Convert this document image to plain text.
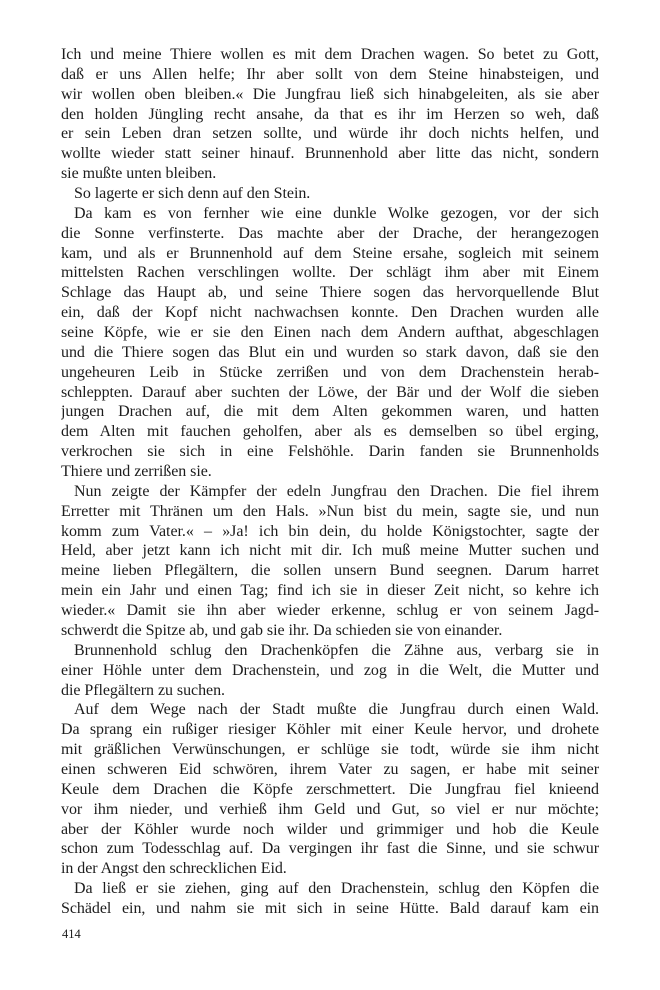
Ich und meine Thiere wollen es mit dem Drachen wagen. So betet zu Gott,
daß er uns Allen helfe; Ihr aber sollt von dem Steine hinabsteigen, und
wir wollen oben bleiben.« Die Jungfrau ließ sich hinabgeleiten, als sie aber
den holden Jüngling recht ansahe, da that es ihr im Herzen so weh, daß
er sein Leben dran setzen sollte, und würde ihr doch nichts helfen, und
wollte wieder statt seiner hinauf. Brunnenhold aber litte das nicht, sondern
sie mußte unten bleiben.
So lagerte er sich denn auf den Stein.
Da kam es von fernher wie eine dunkle Wolke gezogen, vor der sich
die Sonne verfinsterte. Das machte aber der Drache, der herangezogen
kam, und als er Brunnenhold auf dem Steine ersahe, sogleich mit seinem
mittelsten Rachen verschlingen wollte. Der schlägt ihm aber mit Einem
Schlage das Haupt ab, und seine Thiere sogen das hervorquellende Blut
ein, daß der Kopf nicht nachwachsen konnte. Den Drachen wurden alle
seine Köpfe, wie er sie den Einen nach dem Andern aufthat, abgeschlagen
und die Thiere sogen das Blut ein und wurden so stark davon, daß sie den
ungeheuren Leib in Stücke zerrißen und von dem Drachenstein herab-
schleppten. Darauf aber suchten der Löwe, der Bär und der Wolf die sieben
jungen Drachen auf, die mit dem Alten gekommen waren, und hatten
dem Alten mit fauchen geholfen, aber als es demselben so übel erging,
verkrochen sie sich in eine Felshöhle. Darin fanden sie Brunnenholds
Thiere und zerrißen sie.
Nun zeigte der Kämpfer der edeln Jungfrau den Drachen. Die fiel ihrem
Erretter mit Thränen um den Hals. »Nun bist du mein, sagte sie, und nun
komm zum Vater.« – »Ja! ich bin dein, du holde Königstochter, sagte der
Held, aber jetzt kann ich nicht mit dir. Ich muß meine Mutter suchen und
meine lieben Pflegältern, die sollen unsern Bund seegnen. Darum harret
mein ein Jahr und einen Tag; find ich sie in dieser Zeit nicht, so kehre ich
wieder.« Damit sie ihn aber wieder erkenne, schlug er von seinem Jagd-
schwerdt die Spitze ab, und gab sie ihr. Da schieden sie von einander.
Brunnenhold schlug den Drachenköpfen die Zähne aus, verbarg sie in
einer Höhle unter dem Drachenstein, und zog in die Welt, die Mutter und
die Pflegältern zu suchen.
Auf dem Wege nach der Stadt mußte die Jungfrau durch einen Wald.
Da sprang ein rußiger riesiger Köhler mit einer Keule hervor, und drohete
mit gräßlichen Verwünschungen, er schlüge sie todt, würde sie ihm nicht
einen schweren Eid schwören, ihrem Vater zu sagen, er habe mit seiner
Keule dem Drachen die Köpfe zerschmettert. Die Jungfrau fiel knieend
vor ihm nieder, und verhieß ihm Geld und Gut, so viel er nur möchte;
aber der Köhler wurde noch wilder und grimmiger und hob die Keule
schon zum Todesschlag auf. Da vergingen ihr fast die Sinne, und sie schwur
in der Angst den schrecklichen Eid.
Da ließ er sie ziehen, ging auf den Drachenstein, schlug den Köpfen die
Schädel ein, und nahm sie mit sich in seine Hütte. Bald darauf kam ein
414
